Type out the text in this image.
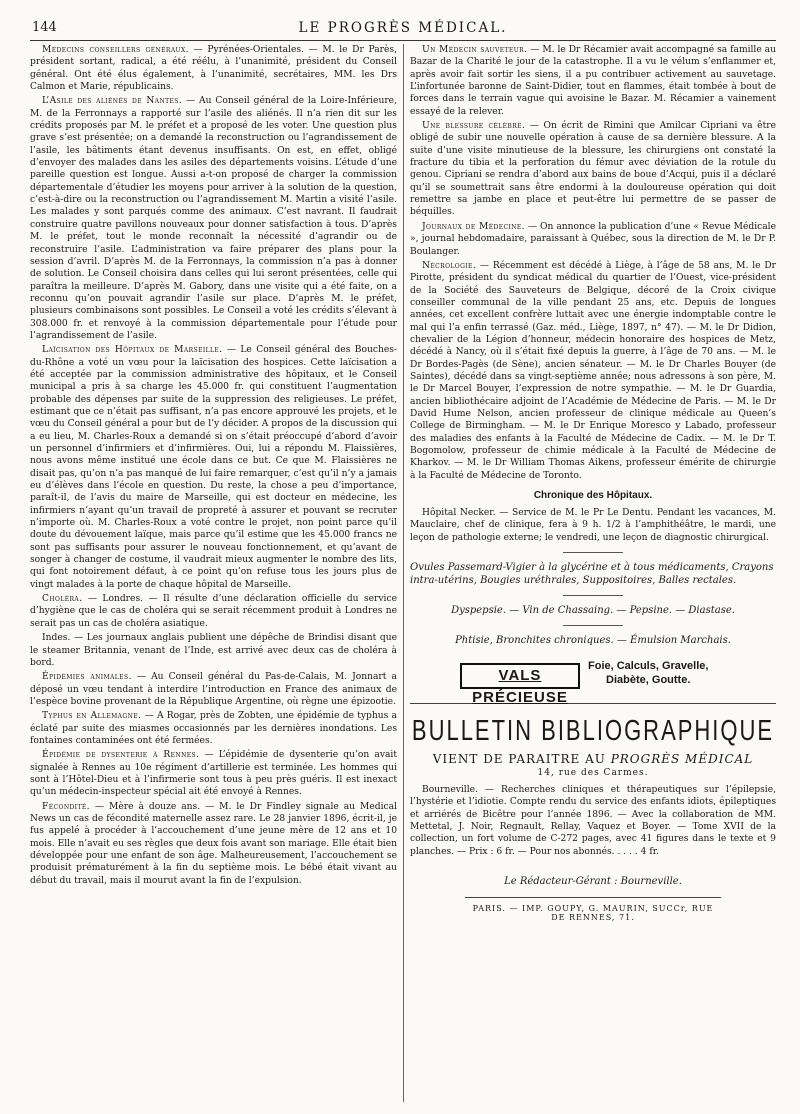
144	LE PROGRÈS MÉDICAL.

Médecins conseillers généraux. — Pyrénées-Orientales. — M. le Dr Parès, président sortant, radical, a été réélu, à l’unanimité, président du Conseil général. Ont été élus également, à l’unanimité, secrétaires, MM. les Drs Calmon et Marie, républicains.

L’Asile des aliénés de Nantes. — Au Conseil général de la Loire-Inférieure, M. de la Ferronnays a rapporté sur l’asile des aliénés. Il n’a rien dit sur les crédits proposés par M. le préfet et a proposé de les voter. Une question plus grave s’est présentée; on a demandé la reconstruction ou l’agrandissement de l’asile, les bâtiments étant devenus insuffisants. On est, en effet, obligé d’envoyer des malades dans les asiles des départements voisins. L’étude d’une pareille question est longue. Aussi a-t-on proposé de charger la commission départementale d’étudier les moyens pour arriver à la solution de la question, c’est-à-dire ou la reconstruction ou l’agrandissement M. Martin a visité l’asile. Les malades y sont parqués comme des animaux. C’est navrant. Il faudrait construire quatre pavillons nouveaux pour donner satisfaction à tous. D’après M. le préfet, tout le monde reconnaît la nécessité d’agrandir ou de reconstruire l’asile. L’administration va faire préparer des plans pour la session d’avril. D’après M. de la Ferronnays, la commission n’a pas à donner de solution. Le Conseil choisira dans celles qui lui seront présentées, celle qui paraîtra la meilleure. D’après M. Gabory, dans une visite qui a été faite, on a reconnu qu’on pouvait agrandir l’asile sur place. D’après M. le préfet, plusieurs combinaisons sont possibles. Le Conseil a voté les crédits s’élevant à 308.000 fr. et renvoyé à la commission départementale pour l’étude pour l’agrandissement de l’asile.

Laïcisation des Hôpitaux de Marseille. — Le Conseil général des Bouches-du-Rhône a voté un vœu pour la laïcisation des hospices. Cette laïcisation a été acceptée par la commission administrative des hôpitaux, et le Conseil municipal a pris à sa charge les 45.000 fr. qui constituent l’augmentation probable des dépenses par suite de la suppression des religieuses. Le préfet, estimant que ce n’était pas suffisant, n’a pas encore approuvé les projets, et le vœu du Conseil général a pour but de l’y décider. A propos de la discussion qui a eu lieu, M. Charles-Roux a demandé si on s’était préoccupé d’abord d’avoir un personnel d’infirmiers et d’infirmières. Oui, lui a répondu M. Flaissières, nous avons même institué une école dans ce but. Ce que M. Flaissières ne disait pas, qu’on n’a pas manqué de lui faire remarquer, c’est qu’il n’y a jamais eu d’élèves dans l’école en question. Du reste, la chose a peu d’importance, paraît-il, de l’avis du maire de Marseille, qui est docteur en médecine, les infirmiers n’ayant qu’un travail de propreté à assurer et pouvant se recruter n’importe où. M. Charles-Roux a voté contre le projet, non point parce qu’il doute du dévouement laïque, mais parce qu’il estime que les 45.000 francs ne sont pas suffisants pour assurer le nouveau fonctionnement, et qu’avant de songer à changer de costume, il vaudrait mieux augmenter le nombre des lits, qui font notoirement défaut, à ce point qu’on refuse tous les jours plus de vingt malades à la porte de chaque hôpital de Marseille.

Choléra. — Londres. — Il résulte d’une déclaration officielle du service d’hygiène que le cas de choléra qui se serait récemment produit à Londres ne serait pas un cas de choléra asiatique.

Indes. — Les journaux anglais publient une dépêche de Brindisi disant que le steamer Britannia, venant de l’Inde, est arrivé avec deux cas de choléra à bord.

Épidémies animales. — Au Conseil général du Pas-de-Calais, M. Jonnart a déposé un vœu tendant à interdire l’introduction en France des animaux de l’espèce bovine provenant de la République Argentine, où règne une épizootie.

Typhus en Allemagne. — A Rogar, près de Zobten, une épidémie de typhus a éclaté par suite des miasmes occasionnés par les dernières inondations. Les fontaines contaminées ont été fermées.

Épidémie de dysenterie à Rennes. — L’épidémie de dysenterie qu’on avait signalée à Rennes au 10e régiment d’artillerie est terminée. Les hommes qui sont à l’Hôtel-Dieu et à l’infirmerie sont tous à peu près guéris. Il est inexact qu’un médecin-inspecteur spécial ait été envoyé à Rennes.

Fécondité. — Mère à douze ans. — M. le Dr Findley signale au Medical News un cas de fécondité maternelle assez rare. Le 28 janvier 1896, écrit-il, je fus appelé à procéder à l’accouchement d’une jeune mère de 12 ans et 10 mois. Elle n’avait eu ses règles que deux fois avant son mariage. Elle était bien développée pour une enfant de son âge. Malheureusement, l’accouchement se produisit prématurément à la fin du septième mois. Le bébé était vivant au début du travail, mais il mourut avant la fin de l’expulsion.

Un Médecin sauveteur. — M. le Dr Récamier avait accompagné sa famille au Bazar de la Charité le jour de la catastrophe. Il a vu le vélum s’enflammer et, après avoir fait sortir les siens, il a pu contribuer activement au sauvetage. L’infortunée baronne de Saint-Didier, tout en flammes, était tombée à bout de forces dans le terrain vague qui avoisine le Bazar. M. Récamier a vainement essayé de la relever.

Une blessure célèbre. — On écrit de Rimini que Amilcar Cipriani va être obligé de subir une nouvelle opération à cause de sa dernière blessure. A la suite d’une visite minutieuse de la blessure, les chirurgiens ont constaté la fracture du tibia et la perforation du fémur avec déviation de la rotule du genou. Cipriani se rendra d’abord aux bains de boue d’Acqui, puis il a déclaré qu’il se soumettrait sans être endormi à la douloureuse opération qui doit remettre sa jambe en place et peut-être lui permettre de se passer de béquilles.

Journaux de Médecine. — On annonce la publication d’une « Revue Médicale », journal hebdomadaire, paraissant à Québec, sous la direction de M. le Dr P. Boulanger.

Nécrologie. — Récemment est décédé à Liège, à l’âge de 58 ans, M. le Dr Pirotte, président du syndicat médical du quartier de l’Ouest, vice-président de la Société des Sauveteurs de Belgique, décoré de la Croix civique conseiller communal de la ville pendant 25 ans, etc. Depuis de longues années, cet excellent confrère luttait avec une énergie indomptable contre le mal qui l’a enfin terrassé (Gaz. méd., Liège, 1897, n° 47). — M. le Dr Didion, chevalier de la Légion d’honneur, médecin honoraire des hospices de Metz, décédé à Nancy, où il s’était fixé depuis la guerre, à l’âge de 70 ans. — M. le Dr Bordes-Pagès (de Sène), ancien sénateur. — M. le Dr Charles Bouyer (de Saintes), décédé dans sa vingt-septième année; nous adressons à son père, M. le Dr Marcel Bouyer, l’expression de notre sympathie. — M. le Dr Guardia, ancien bibliothécaire adjoint de l’Académie de Médecine de Paris. — M. le Dr David Hume Nelson, ancien professeur de clinique médicale au Queen’s College de Birmingham. — M. le Dr Enrique Moresco y Labado, professeur des maladies des enfants à la Faculté de Médecine de Cadix. — M. le Dr T. Bogomolow, professeur de chimie médicale à la Faculté de Médecine de Kharkov. — M. le Dr William Thomas Aikens, professeur émérite de chirurgie à la Faculté de Médecine de Toronto.

Chronique des Hôpitaux.

Hôpital Necker. — Service de M. le Pr Le Dentu. Pendant les vacances, M. Mauclaire, chef de clinique, fera à 9 h. 1/2 à l’amphithéâtre, le mardi, une leçon de pathologie externe; le vendredi, une leçon de diagnostic chirurgical.

Ovules Passemard-Vigier à la glycérine et à tous médicaments, Crayons intra-utérins, Bougies uréthrales, Suppositoires, Balles rectales.

Dyspepsie. — Vin de Chassaing. — Pepsine. — Diastase.

Phtisie, Bronchites chroniques. — Émulsion Marchais.

VALS PRÉCIEUSE
Foie, Calculs, Gravelle,
Diabète, Goutte.
BULLETIN BIBLIOGRAPHIQUE
VIENT DE PARAITRE AU PROGRÈS MÉDICAL
14, rue des Carmes.

Bourneville. — Recherches cliniques et thérapeutiques sur l’épilepsie, l’hystérie et l’idiotie. Compte rendu du service des enfants idiots, épileptiques et arriérés de Bicêtre pour l’année 1896. — Avec la collaboration de MM. Mettetal, J. Noir, Regnault, Rellay, Vaquez et Boyer. — Tome XVII de la collection, un fort volume de C-272 pages, avec 41 figures dans le texte et 9 planches. — Prix : 6 fr. — Pour nos abonnés. . . . . 4 fr.

Le Rédacteur-Gérant : Bourneville.
PARIS. — IMP. GOUPY, G. MAURIN, SUCCr, RUE DE RENNES, 71.
